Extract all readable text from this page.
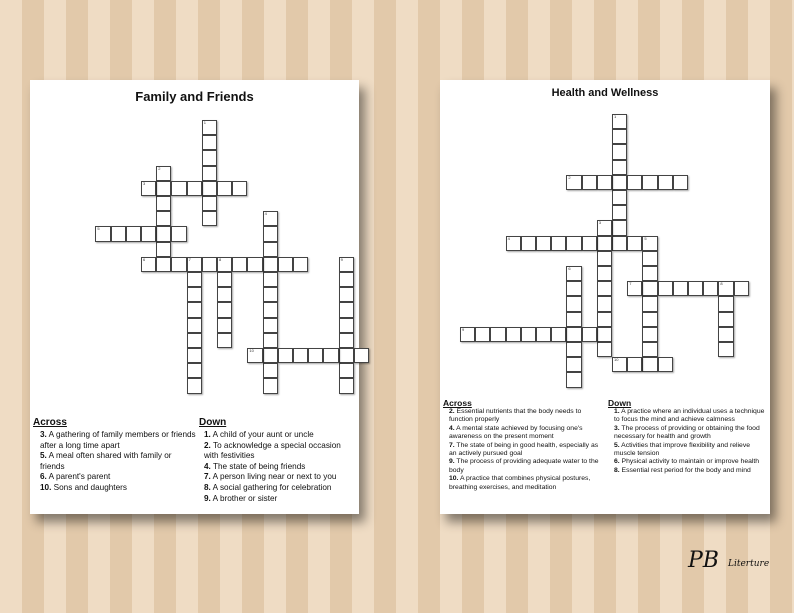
Family and Friends
1
2
3
4
5
6	7	8	9
10
Across
3. A gathering of family members or friends after a long time apart
5. A meal often shared with family or friends
6. A parent's parent
10. Sons and daughters
Down
1. A child of your aunt or uncle
2. To acknowledge a special occasion with festivities
4. The state of being friends
7. A person living near or next to you
8. A social gathering for celebration
9. A brother or sister
Health and Wellness
1
2
3
4	5
6
7	8
9
10
Across
2. Essential nutrients that the body needs to function properly
4. A mental state achieved by focusing one's awareness on the present moment
7. The state of being in good health, especially as an actively pursued goal
9. The process of providing adequate water to the body
10. A practice that combines physical postures, breathing exercises, and meditation
Down
1. A practice where an individual uses a technique to focus the mind and achieve calmness
3. The process of providing or obtaining the food necessary for health and growth
5. Activities that improve flexibility and relieve muscle tension
6. Physical activity to maintain or improve health
8. Essential rest period for the body and mind
PB Literture
